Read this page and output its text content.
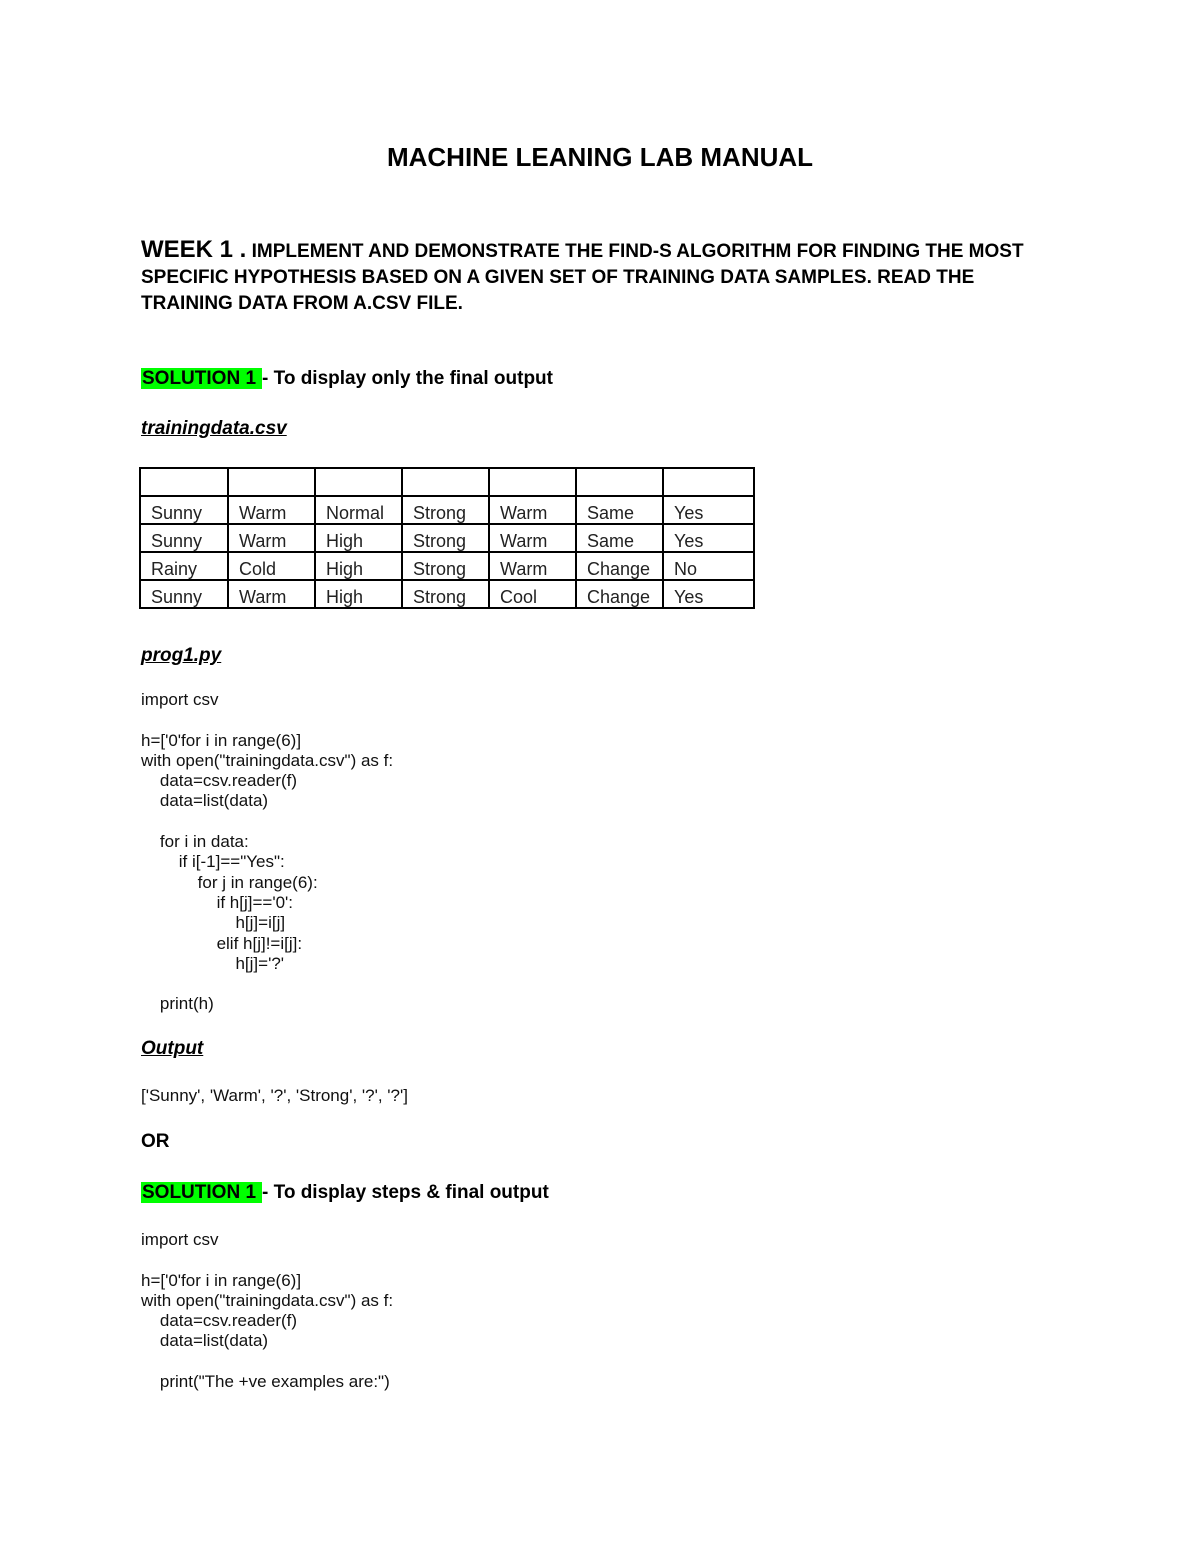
MACHINE LEANING LAB MANUAL
WEEK 1 . IMPLEMENT AND DEMONSTRATE THE FIND-S ALGORITHM FOR FINDING THE MOST SPECIFIC HYPOTHESIS BASED ON A GIVEN SET OF TRAINING DATA SAMPLES. READ THE TRAINING DATA FROM A.CSV FILE.
SOLUTION 1 - To display only the final output
trainingdata.csv

Sunny	Warm	Normal	Strong	Warm	Same	Yes
Sunny	Warm	High	Strong	Warm	Same	Yes
Rainy	Cold	High	Strong	Warm	Change	No
Sunny	Warm	High	Strong	Cool	Change	Yes
prog1.py
import csv

h=['0'for i in range(6)]
with open("trainingdata.csv") as f:
data=csv.reader(f)
data=list(data)

for i in data:
if i[-1]=="Yes":
for j in range(6):
if h[j]=='0':
h[j]=i[j]
elif h[j]!=i[j]:
h[j]='?'

print(h)
Output
['Sunny', 'Warm', '?', 'Strong', '?', '?']
OR
SOLUTION 1 - To display steps & final output
import csv

h=['0'for i in range(6)]
with open("trainingdata.csv") as f:
data=csv.reader(f)
data=list(data)

print("The +ve examples are:")
